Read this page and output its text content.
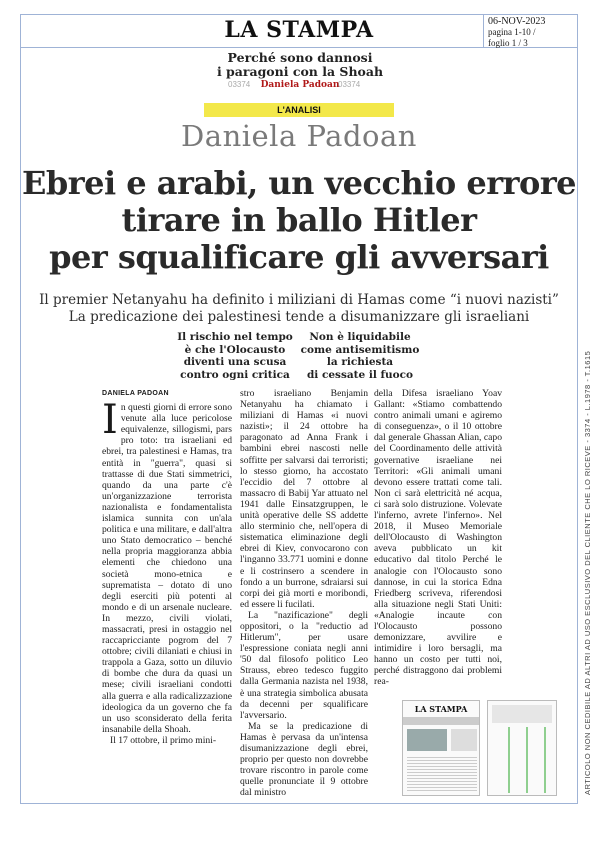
LA STAMPA	06-NOV-2023
pagina 1-10 /
foglio 1 / 3
Perché sono dannosi
i paragoni con la Shoah
Daniela Padoan
03374	03374
L'ANALISI
Daniela Padoan
Ebrei e arabi, un vecchio errore
tirare in ballo Hitler
per squalificare gli avversari
Il premier Netanyahu ha definito i miliziani di Hamas come “i nuovi nazisti”
La predicazione dei palestinesi tende a disumanizzare gli israeliani
Il rischio nel tempo
è che l'Olocausto
diventi una scusa
contro ogni critica
Non è liquidabile
come antisemitismo
la richiesta
di cessate il fuoco
DANIELA PADOAN
I n questi giorni di errore sono venute alla luce pericolose equivalenze, sillogismi, pars pro toto: tra israeliani ed ebrei, tra palestinesi e Hamas, tra entità in "guerra", quasi si trattasse di due Stati simmetrici, quando da una parte c'è un'organizzazione terrorista nazionalista e fondamentalista islamica sunnita con un'ala politica e una militare, e dall'altra uno Stato democratico – benché nella propria maggioranza abbia elementi che chiedono una società mono-etnica e suprematista – dotato di uno degli eserciti più potenti al mondo e di un arsenale nucleare. In mezzo, civili violati, massacrati, presi in ostaggio nel raccapricciante pogrom del 7 ottobre; civili dilaniati e chiusi in trappola a Gaza, sotto un diluvio di bombe che dura da quasi un mese; civili israeliani condotti alla guerra e alla radicalizzazione ideologica da un governo che fa un uso sconsiderato della ferita insanabile della Shoah.

Il 17 ottobre, il primo mini-

stro israeliano Benjamin Netanyahu ha chiamato i miliziani di Hamas «i nuovi nazisti»; il 24 ottobre ha paragonato ad Anna Frank i bambini ebrei nascosti nelle soffitte per salvarsi dai terroristi; lo stesso giorno, ha accostato l'eccidio del 7 ottobre al massacro di Babij Yar attuato nel 1941 dalle Einsatzgruppen, le unità operative delle SS addette allo sterminio che, nell'opera di sistematica eliminazione degli ebrei di Kiev, convocarono con l'inganno 33.771 uomini e donne e li costrinsero a scendere in fondo a un burrone, sdraiarsi sui corpi dei già morti e moribondi, ed essere li fucilati.

La "nazificazione" degli oppositori, o la "reductio ad Hitlerum", per usare l'espressione coniata negli anni '50 dal filosofo politico Leo Strauss, ebreo tedesco fuggito dalla Germania nazista nel 1938, è una strategia simbolica abusata da decenni per squalificare l'avversario.

Ma se la predicazione di Hamas è pervasa da un'intensa disumanizzazione degli ebrei, proprio per questo non dovrebbe trovare riscontro in parole come quelle pronunciate il 9 ottobre dal ministro

della Difesa israeliano Yoav Gallant: «Stiamo combattendo contro animali umani e agiremo di conseguenza», o il 10 ottobre dal generale Ghassan Alian, capo del Coordinamento delle attività governative israeliane nei Territori: «Gli animali umani devono essere trattati come tali. Non ci sarà elettricità né acqua, ci sarà solo distruzione. Volevate l'inferno, avrete l'inferno». Nel 2018, il Museo Memoriale dell'Olocausto di Washington aveva pubblicato un kit educativo dal titolo Perché le analogie con l'Olocausto sono dannose, in cui la storica Edna Friedberg scriveva, riferendosi alla situazione negli Stati Uniti: «Analogie incaute con l'Olocausto possono demonizzare, avvilire e intimidire i loro bersagli, ma hanno un costo per tutti noi, perché distraggono dai problemi rea-

LA STAMPA	ARTICOLO NON CEDIBILE AD ALTRI AD USO ESCLUSIVO DEL CLIENTE CHE LO RICEVE - 3374 - L.1978 - T.1615
